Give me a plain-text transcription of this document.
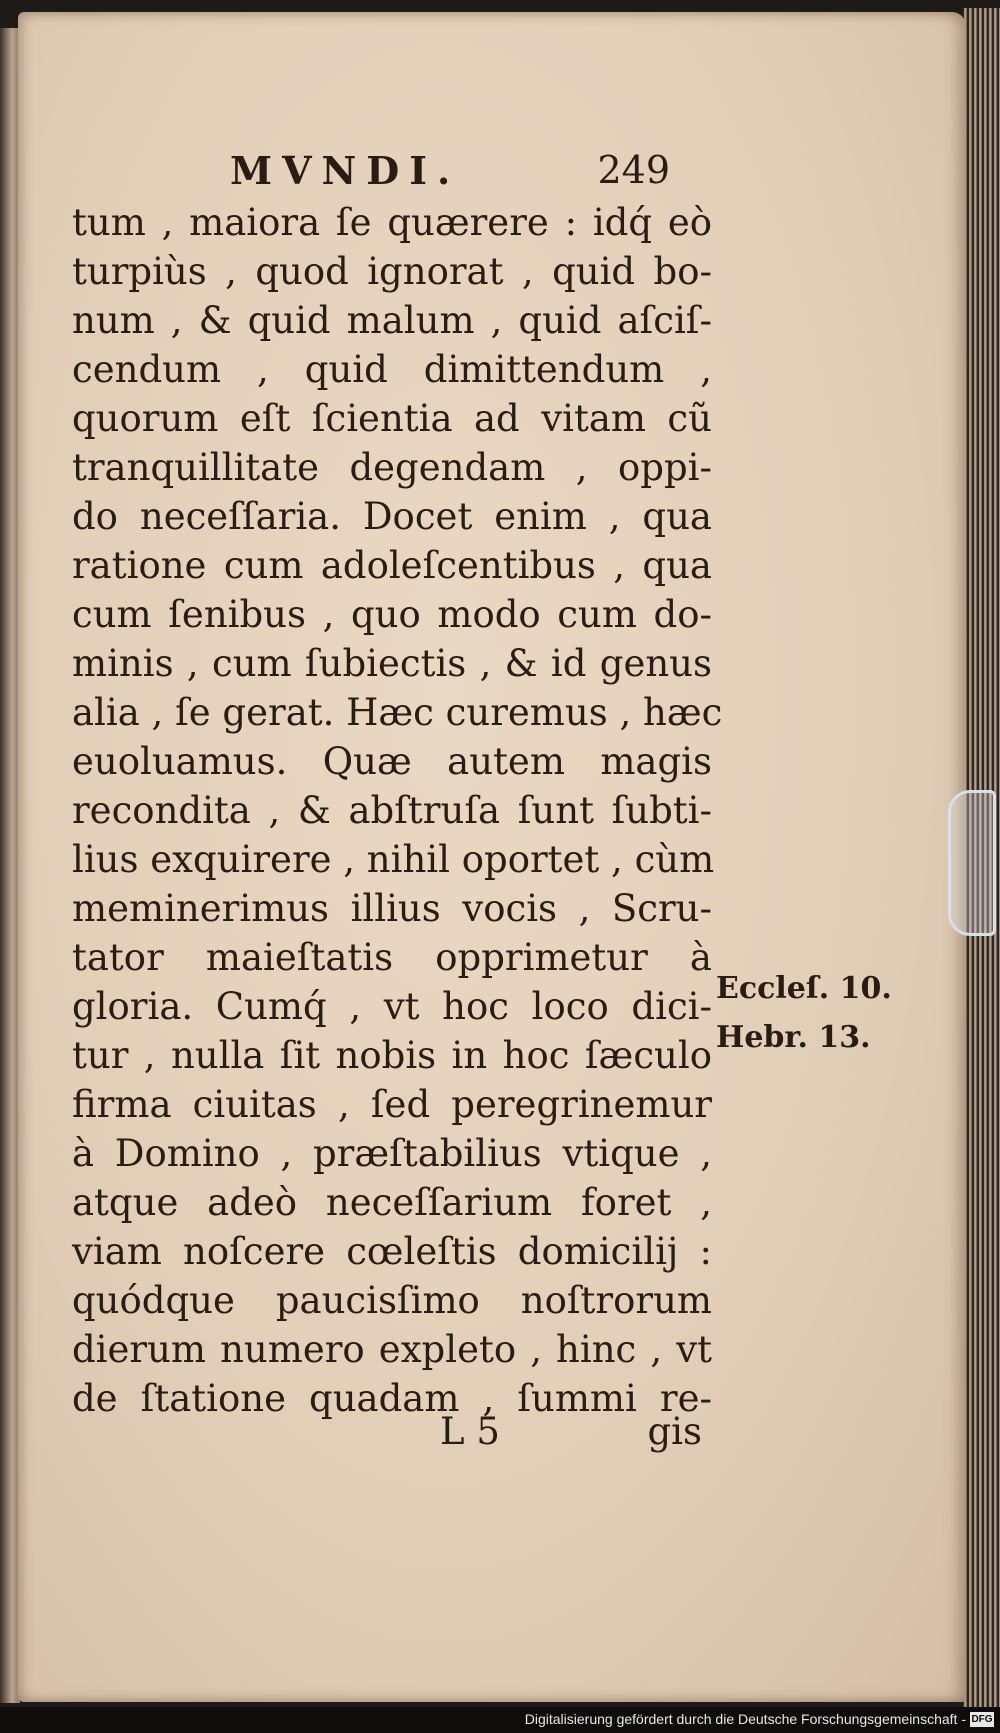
MVNDI.	249
tum , maiora ſe quærere : idq́ eò
turpiùs , quod ignorat , quid bo-
num , & quid malum , quid aſciſ-
cendum , quid dimittendum ,
quorum eſt ſcientia ad vitam cũ
tranquillitate degendam , oppi-
do neceſſaria. Docet enim , qua
ratione cum adoleſcentibus , qua
cum ſenibus , quo modo cum do-
minis , cum ſubiectis , & id genus
alia , ſe gerat. Hæc curemus , hæc
euoluamus. Quæ autem magis
recondita , & abſtruſa ſunt ſubti-
lius exquirere , nihil oportet , cùm
meminerimus illius vocis , Scru-
tator maieſtatis opprimetur à
gloria. Cumq́ , vt hoc loco dici-
tur , nulla ſit nobis in hoc ſæculo
firma ciuitas , ſed peregrinemur
à Domino , præſtabilius vtique ,
atque adeò neceſſarium foret ,
viam noſcere cœleſtis domicilij :
quódque paucisſimo noſtrorum
dierum numero expleto , hinc , vt
de ſtatione quadam , ſummi re-
Eccleſ. 10.
Hebr. 13.
L 5	gis
Digitalisierung gefördert durch die Deutsche Forschungsgemeinschaft - DFG
